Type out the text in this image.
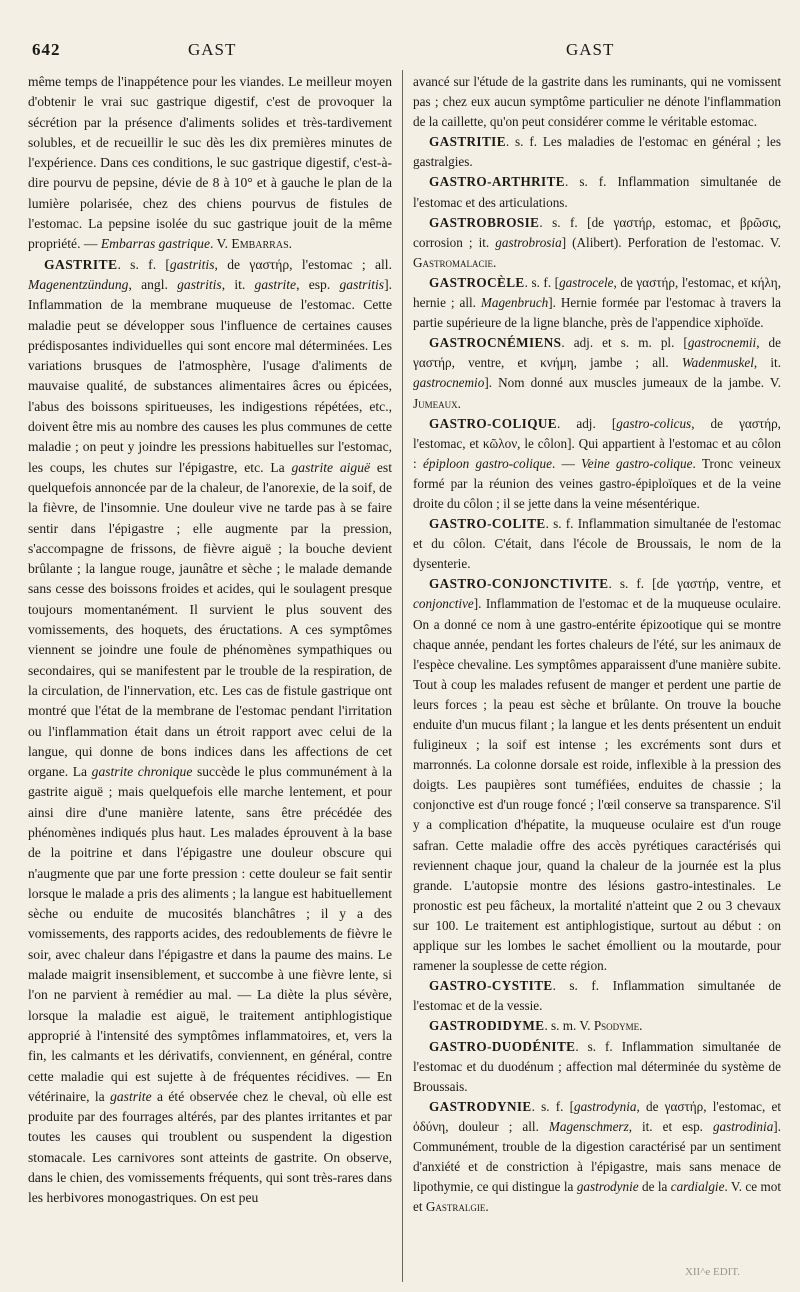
642	GAST	GAST

même temps de l'inappétence pour les viandes. Le meilleur moyen d'obtenir le vrai suc gastrique digestif, c'est de provoquer la sécrétion par la présence d'aliments solides et très-tardivement solubles, et de recueillir le suc dès les dix premières minutes de l'expérience. Dans ces conditions, le suc gastrique digestif, c'est-à-dire pourvu de pepsine, dévie de 8 à 10° et à gauche le plan de la lumière polarisée, chez des chiens pourvus de fistules de l'estomac. La pepsine isolée du suc gastrique jouit de la même propriété. — Embarras gastrique. V. Embarras.

GASTRITE. s. f. [gastritis, de γαστήρ, l'estomac ; all. Magenentzündung, angl. gastritis, it. gastrite, esp. gastritis]. Inflammation de la membrane muqueuse de l'estomac. Cette maladie peut se développer sous l'influence de certaines causes prédisposantes individuelles qui sont encore mal déterminées. Les variations brusques de l'atmosphère, l'usage d'aliments de mauvaise qualité, de substances alimentaires âcres ou épicées, l'abus des boissons spiritueuses, les indigestions répétées, etc., doivent être mis au nombre des causes les plus communes de cette maladie ; on peut y joindre les pressions habituelles sur l'estomac, les coups, les chutes sur l'épigastre, etc. La gastrite aiguë est quelquefois annoncée par de la chaleur, de l'anorexie, de la soif, de la fièvre, de l'insomnie. Une douleur vive ne tarde pas à se faire sentir dans l'épigastre ; elle augmente par la pression, s'accompagne de frissons, de fièvre aiguë ; la bouche devient brûlante ; la langue rouge, jaunâtre et sèche ; le malade demande sans cesse des boissons froides et acides, qui le soulagent presque toujours momentanément. Il survient le plus souvent des vomissements, des hoquets, des éructations. A ces symptômes viennent se joindre une foule de phénomènes sympathiques ou secondaires, qui se manifestent par le trouble de la respiration, de la circulation, de l'innervation, etc. Les cas de fistule gastrique ont montré que l'état de la membrane de l'estomac pendant l'irritation ou l'inflammation était dans un étroit rapport avec celui de la langue, qui donne de bons indices dans les affections de cet organe. La gastrite chronique succède le plus communément à la gastrite aiguë ; mais quelquefois elle marche lentement, et pour ainsi dire d'une manière latente, sans être précédée des phénomènes indiqués plus haut. Les malades éprouvent à la base de la poitrine et dans l'épigastre une douleur obscure qui n'augmente que par une forte pression : cette douleur se fait sentir lorsque le malade a pris des aliments ; la langue est habituellement sèche ou enduite de mucosités blanchâtres ; il y a des vomissements, des rapports acides, des redoublements de fièvre le soir, avec chaleur dans l'épigastre et dans la paume des mains. Le malade maigrit insensiblement, et succombe à une fièvre lente, si l'on ne parvient à remédier au mal. — La diète la plus sévère, lorsque la maladie est aiguë, le traitement antiphlogistique approprié à l'intensité des symptômes inflammatoires, et, vers la fin, les calmants et les dérivatifs, conviennent, en général, contre cette maladie qui est sujette à de fréquentes récidives. — En vétérinaire, la gastrite a été observée chez le cheval, où elle est produite par des fourrages altérés, par des plantes irritantes et par toutes les causes qui troublent ou suspendent la digestion stomacale. Les carnivores sont atteints de gastrite. On observe, dans le chien, des vomissements fréquents, qui sont très-rares dans les herbivores monogastriques. On est peu

avancé sur l'étude de la gastrite dans les ruminants, qui ne vomissent pas ; chez eux aucun symptôme particulier ne dénote l'inflammation de la caillette, qu'on peut considérer comme le véritable estomac.

GASTRITIE. s. f. Les maladies de l'estomac en général ; les gastralgies.

GASTRO-ARTHRITE. s. f. Inflammation simultanée de l'estomac et des articulations.

GASTROBROSIE. s. f. [de γαστήρ, estomac, et βρῶσις, corrosion ; it. gastrobrosia] (Alibert). Perforation de l'estomac. V. Gastromalacie.

GASTROCÈLE. s. f. [gastrocele, de γαστήρ, l'estomac, et κήλη, hernie ; all. Magenbruch]. Hernie formée par l'estomac à travers la partie supérieure de la ligne blanche, près de l'appendice xiphoïde.

GASTROCNÉMIENS. adj. et s. m. pl. [gastrocnemii, de γαστήρ, ventre, et κνήμη, jambe ; all. Wadenmuskel, it. gastrocnemio]. Nom donné aux muscles jumeaux de la jambe. V. Jumeaux.

GASTRO-COLIQUE. adj. [gastro-colicus, de γαστήρ, l'estomac, et κῶλον, le côlon]. Qui appartient à l'estomac et au côlon : épiploon gastro-colique. — Veine gastro-colique. Tronc veineux formé par la réunion des veines gastro-épiploïques et de la veine droite du côlon ; il se jette dans la veine mésentérique.

GASTRO-COLITE. s. f. Inflammation simultanée de l'estomac et du côlon. C'était, dans l'école de Broussais, le nom de la dysenterie.

GASTRO-CONJONCTIVITE. s. f. [de γαστήρ, ventre, et conjonctive]. Inflammation de l'estomac et de la muqueuse oculaire. On a donné ce nom à une gastro-entérite épizootique qui se montre chaque année, pendant les fortes chaleurs de l'été, sur les animaux de l'espèce chevaline. Les symptômes apparaissent d'une manière subite. Tout à coup les malades refusent de manger et perdent une partie de leurs forces ; la peau est sèche et brûlante. On trouve la bouche enduite d'un mucus filant ; la langue et les dents présentent un enduit fuligineux ; la soif est intense ; les excréments sont durs et marronnés. La colonne dorsale est roide, inflexible à la pression des doigts. Les paupières sont tuméfiées, enduites de chassie ; la conjonctive est d'un rouge foncé ; l'œil conserve sa transparence. S'il y a complication d'hépatite, la muqueuse oculaire est d'un rouge safran. Cette maladie offre des accès pyrétiques caractérisés qui reviennent chaque jour, quand la chaleur de la journée est la plus grande. L'autopsie montre des lésions gastro-intestinales. Le pronostic est peu fâcheux, la mortalité n'atteint que 2 ou 3 chevaux sur 100. Le traitement est antiphlogistique, surtout au début : on applique sur les lombes le sachet émollient ou la moutarde, pour ramener la souplesse de cette région.

GASTRO-CYSTITE. s. f. Inflammation simultanée de l'estomac et de la vessie.

GASTRODIDYME. s. m. V. Psodyme.

GASTRO-DUODÉNITE. s. f. Inflammation simultanée de l'estomac et du duodénum ; affection mal déterminée du système de Broussais.

GASTRODYNIE. s. f. [gastrodynia, de γαστήρ, l'estomac, et ὀδύνη, douleur ; all. Magenschmerz, it. et esp. gastrodinia]. Communément, trouble de la digestion caractérisé par un sentiment d'anxiété et de constriction à l'épigastre, mais sans menace de lipothymie, ce qui distingue la gastrodynie de la cardialgie. V. ce mot et Gastralgie.

XII^e EDIT.
